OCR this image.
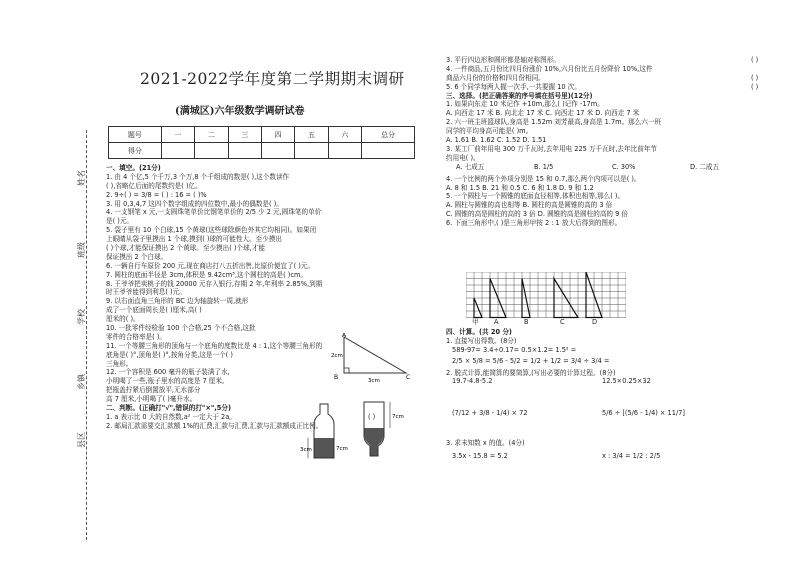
姓名
班级
学校
乡镇
县区
2021-2022学年度第二学期期末调研
(满城区)六年级数学调研试卷
题号	一	二	三	四	五	六	总分
得分							
一、填空。(21分)
1. 由 4 个亿,5 个千万,3 个万,8 个千组成的数是( ),这个数读作
( ),省略亿后面的尾数约是( )亿。
2. 9÷( ) = 3/8 = ( ) : 16 = ( )%
3. 用 0,3,4,7 这四个数字组成的四位数中,最小的偶数是( )。
4. 一支钢笔 x 元,一支圆珠笔单价比钢笔单价的 2/5 少 2 元,圆珠笔的单价
是( )元。
5. 袋子里有 10 个白球,15 个黄球(这些球除颜色外其它均相同)。如果闭
上眼睛从袋子里摸出 1 个球,摸到( )球的可能性大。至少摸出
( )个球,才能保证摸出 2 个黄球。至少摸出( )个球,才能
保证摸出 2 个白球。
6. 一辆自行车原价 200 元,现在商店打八五折出售,比原价便宜了( )元。
7. 圆柱的底面半径是 3cm,体积是 9.42cm³,这个圆柱的高是( )cm。
8. 王爷爷把卖桃子的钱 20000 元存入银行,存期 2 年,年利率 2.85%,到期
时王爷爷能得到利息( )元。
9. 以右面直角三角形的 BC 边为轴旋转一周,就形
成了一个底面周长是( )厘米,高( )
厘米的( )。
10. 一批零件经检验 100 个合格,25 个不合格,这批
零件的合格率是( )。
11. 一个等腰三角形的顶角与一个底角的度数比是 4 : 1,这个等腰三角形的
底角是( )°,顶角是( )°,按角分类,这是一个( )
三角形。
12. 一个容积是 600 毫升的瓶子装满了水,
小明喝了一些,瓶子里水的高度是 7 厘米,
把瓶盖拧紧后倒置放平,无水部分
高 7 厘米,小明喝了( )毫升水。
二、判断。(正确打"√",错误的打"×",5分)
1. a 表示比 0 大的自然数,a² 一定大于 2a。	( )
2. 邮局汇款需要交汇款额 1%的汇费,汇款与汇费,汇款与汇款额成正比例。

A
B	C
2cm
3cm
7cm
3cm	7cm
3. 平行四边形和圆形都是轴对称图形。	( )
4. 一件商品,五月份比四月份涨价 10%,六月份比五月份降价 10%,这件
商品六月份的价格和四月份相同。	( )
5. 6 个同学每两人握一次手,一共要握 10 次。	( )
三、选择。(把正确答案的序号填在括号里)(12分)
1. 如果向东走 10 米记作 +10m,那么( )记作 -17m。
A. 向西走 17 米 B. 向北走 17 米 C. 向西走 17 米 D. 向西走 7 米
2. 六一班主班篮球队,身高是 1.52m 刘芳最高,身高是 1.7m。那么六一班
同学的平均身高可能是( )m。
A. 1.61 B. 1.62 C. 1.52 D. 1.51
3. 某工厂前年用电 300 万千瓦时,去年用电 225 万千瓦时,去年比前年节
约用电( )。
A. 七成五	B. 1/5	C. 30%	D. 二成五
4. 一个比例的两个外项分别是 15 和 0.7,那么两个内项可以是( )。
A. 8 和 1.5 B. 21 和 0.5 C. 6 和 1.8 D. 9 和 1.2
5. 一个圆柱与一个圆锥的底面直径相等,体积也相等,那么( )。
A. 圆柱与圆锥的高也相等 B. 圆柱的高是圆锥的高的 3 倍
C. 圆锥的高是圆柱的高的 3 倍 D. 圆锥的高是圆柱的高的 9 倍
6. 下面三角形中,( )是三角形甲按 2 : 1 放大后得到的图形。
甲 A	B	C	D
四、计算。(共 20 分)
1. 直接写出得数。(8分)
589-97= 3.4÷0.17= 0.5×1.2= 1.5² =
2/5 × 5/8 = 5/6 - 5/2 = 1/2 + 1/2 = 3/4 ÷ 3/4 =
2. 脱式计算,能简算的要简算,(写出必要的计算过程。(8分)
19.7-4.8-5.2	12.5×0.25×32
(7/12 + 3/8 - 1/4) × 72	5/6 ÷ [(5/6 - 1/4) × 11/7]
3. 求未知数 x 的值。(4分)
3.5x - 15.8 = 5.2	x : 3/4 = 1/2 : 2/5
